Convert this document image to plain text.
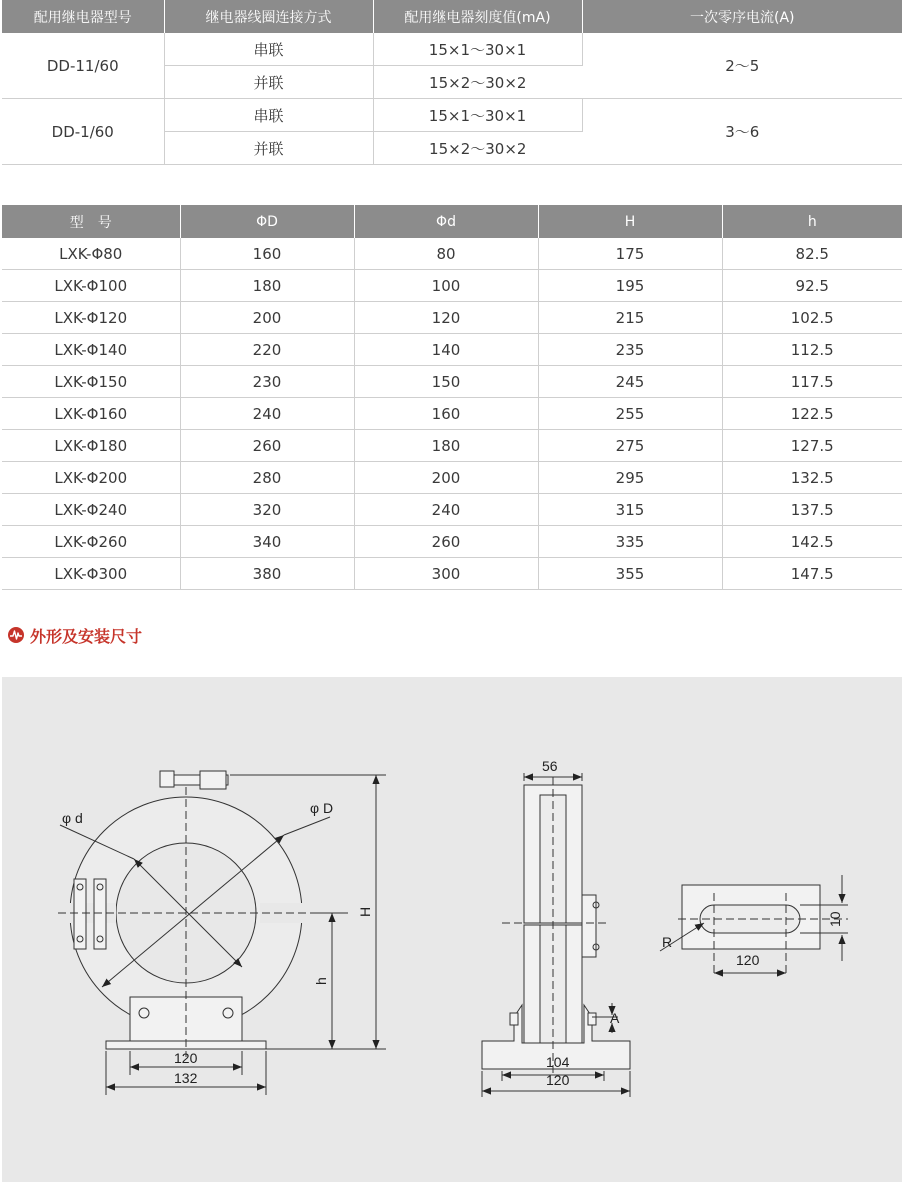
配用继电器型号	继电器线圈连接方式	配用继电器刻度值(mA)	一次零序电流(A)
DD-11/60	串联	15×1～30×1	2～5
	并联	15×2～30×2	
DD-1/60	串联	15×1～30×1	3～6
	并联	15×2～30×2	
型　号	ΦD	Φd	H	h
LXK-Φ80	160	80	175	82.5
LXK-Φ100	180	100	195	92.5
LXK-Φ120	200	120	215	102.5
LXK-Φ140	220	140	235	112.5
LXK-Φ150	230	150	245	117.5
LXK-Φ160	240	160	255	122.5
LXK-Φ180	260	180	275	127.5
LXK-Φ200	280	200	295	132.5
LXK-Φ240	320	240	315	137.5
LXK-Φ260	340	260	335	142.5
LXK-Φ300	380	300	355	147.5
外形及安装尺寸
φ d
φ D
H
h
120
132
56
A
104
120
R
10
120
